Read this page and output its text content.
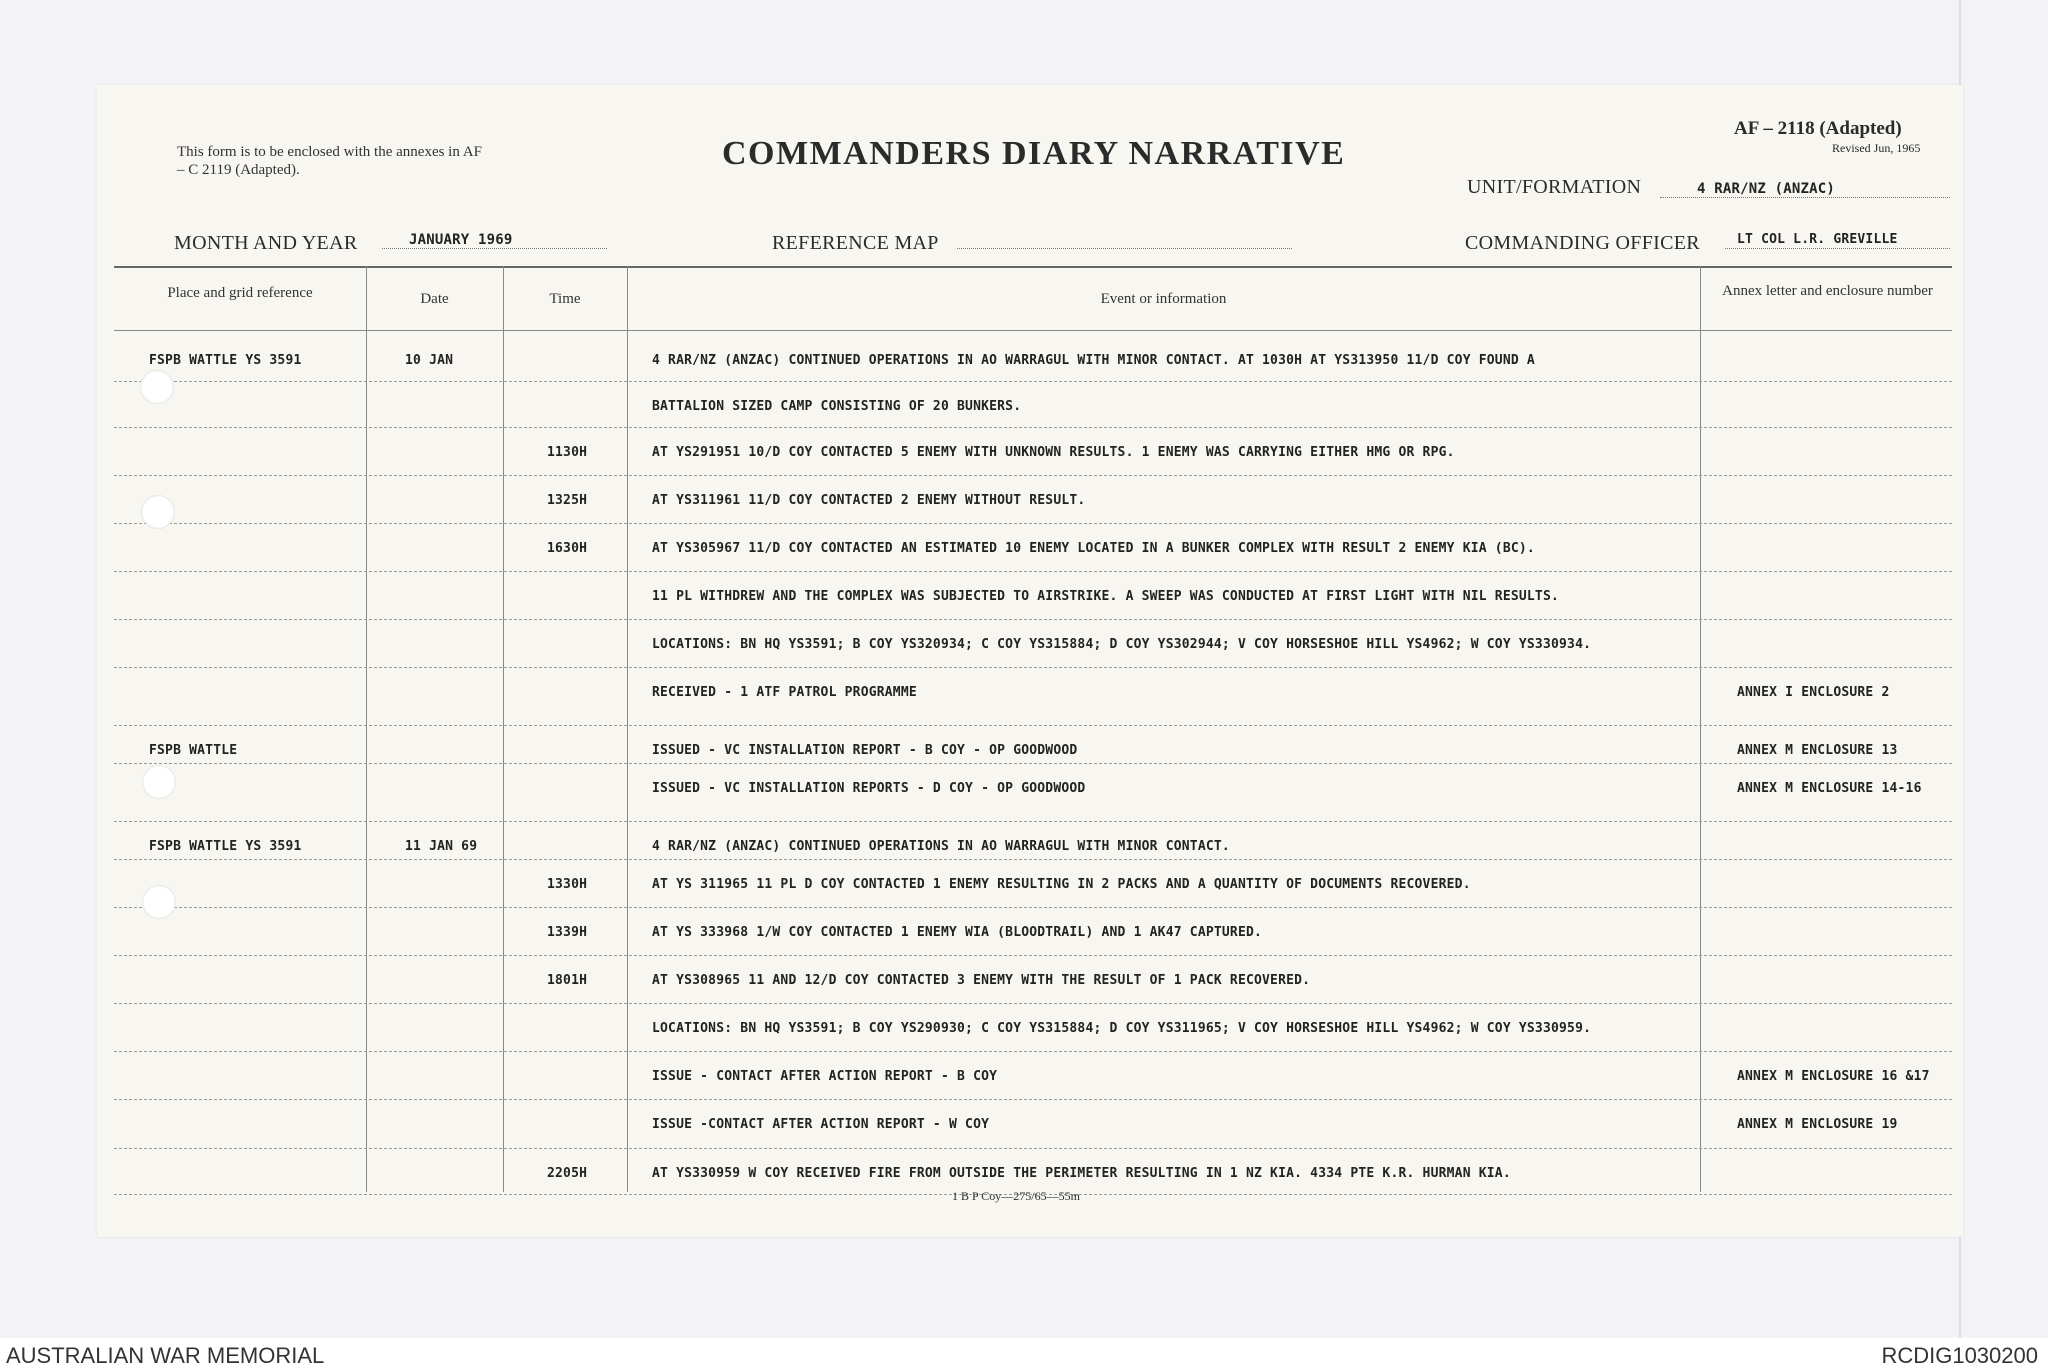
This form is to be enclosed with the annexes in AF – C 2119 (Adapted).	COMMANDERS DIARY NARRATIVE
AF – 2118 (Adapted)
Revised Jun, 1965
UNIT/FORMATION	4 RAR/NZ (ANZAC)
MONTH AND YEAR	JANUARY 1969	REFERENCE MAP	COMMANDING OFFICER	LT COL L.R. GREVILLE
Place and grid reference	Date	Time	Event or information	Annex letter and enclosure number
FSPB WATTLE YS 3591	10 JAN	4 RAR/NZ (ANZAC) CONTINUED OPERATIONS IN AO WARRAGUL WITH MINOR CONTACT. AT 1030H AT YS313950 11/D COY FOUND A
BATTALION SIZED CAMP CONSISTING OF 20 BUNKERS.
1130H	AT YS291951 10/D COY CONTACTED 5 ENEMY WITH UNKNOWN RESULTS. 1 ENEMY WAS CARRYING EITHER HMG OR RPG.
1325H	AT YS311961 11/D COY CONTACTED 2 ENEMY WITHOUT RESULT.
1630H	AT YS305967 11/D COY CONTACTED AN ESTIMATED 10 ENEMY LOCATED IN A BUNKER COMPLEX WITH RESULT 2 ENEMY KIA (BC).
11 PL WITHDREW AND THE COMPLEX WAS SUBJECTED TO AIRSTRIKE. A SWEEP WAS CONDUCTED AT FIRST LIGHT WITH NIL RESULTS.
LOCATIONS: BN HQ YS3591; B COY YS320934; C COY YS315884; D COY YS302944; V COY HORSESHOE HILL YS4962; W COY YS330934.
RECEIVED - 1 ATF PATROL PROGRAMME	ANNEX I ENCLOSURE 2
FSPB WATTLE	ISSUED - VC INSTALLATION REPORT - B COY - OP GOODWOOD	ANNEX M ENCLOSURE 13
ISSUED - VC INSTALLATION REPORTS - D COY - OP GOODWOOD	ANNEX M ENCLOSURE 14-16
FSPB WATTLE YS 3591	11 JAN 69	4 RAR/NZ (ANZAC) CONTINUED OPERATIONS IN AO WARRAGUL WITH MINOR CONTACT.
1330H	AT YS 311965 11 PL D COY CONTACTED 1 ENEMY RESULTING IN 2 PACKS AND A QUANTITY OF DOCUMENTS RECOVERED.
1339H	AT YS 333968 1/W COY CONTACTED 1 ENEMY WIA (BLOODTRAIL) AND 1 AK47 CAPTURED.
1801H	AT YS308965 11 AND 12/D COY CONTACTED 3 ENEMY WITH THE RESULT OF 1 PACK RECOVERED.
LOCATIONS: BN HQ YS3591; B COY YS290930; C COY YS315884; D COY YS311965; V COY HORSESHOE HILL YS4962; W COY YS330959.
ISSUE - CONTACT AFTER ACTION REPORT - B COY	ANNEX M ENCLOSURE 16 &17
ISSUE -CONTACT AFTER ACTION REPORT - W COY	ANNEX M ENCLOSURE 19
2205H	AT YS330959 W COY RECEIVED FIRE FROM OUTSIDE THE PERIMETER RESULTING IN 1 NZ KIA. 4334 PTE K.R. HURMAN KIA.
1 B P Coy—275/65—55m
AUSTRALIAN WAR MEMORIAL	RCDIG1030200
